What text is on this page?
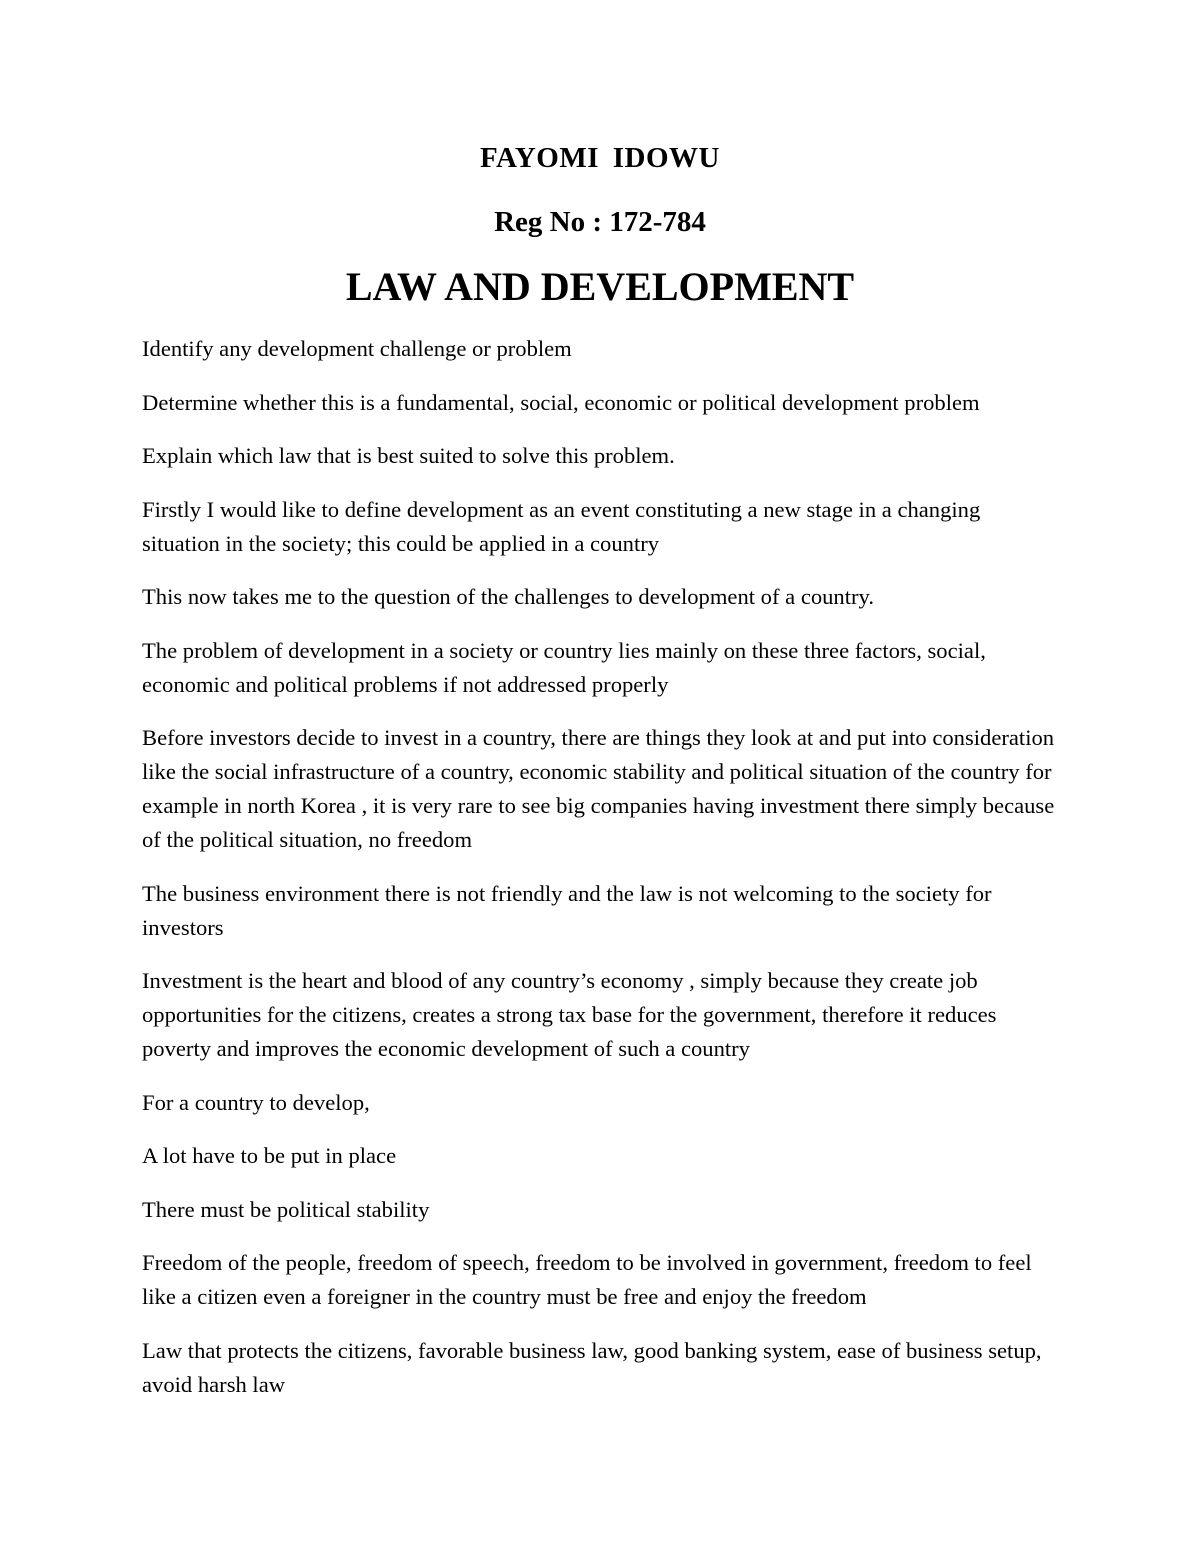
FAYOMI IDOWU
Reg No : 172-784
LAW AND DEVELOPMENT

Identify any development challenge or problem

Determine whether this is a fundamental, social, economic or political development problem

Explain which law that is best suited to solve this problem.

Firstly I would like to define development as an event constituting a new stage in a changing situation in the society; this could be applied in a country

This now takes me to the question of the challenges to development of a country.

The problem of development in a society or country lies mainly on these three factors, social, economic and political problems if not addressed properly

Before investors decide to invest in a country, there are things they look at and put into consideration like the social infrastructure of a country, economic stability and political situation of the country for example in north Korea , it is very rare to see big companies having investment there simply because of the political situation, no freedom

The business environment there is not friendly and the law is not welcoming to the society for investors

Investment is the heart and blood of any country’s economy , simply because they create job opportunities for the citizens, creates a strong tax base for the government, therefore it reduces poverty and improves the economic development of such a country

For a country to develop,

A lot have to be put in place

There must be political stability

Freedom of the people, freedom of speech, freedom to be involved in government, freedom to feel like a citizen even a foreigner in the country must be free and enjoy the freedom

Law that protects the citizens, favorable business law, good banking system, ease of business setup, avoid harsh law
